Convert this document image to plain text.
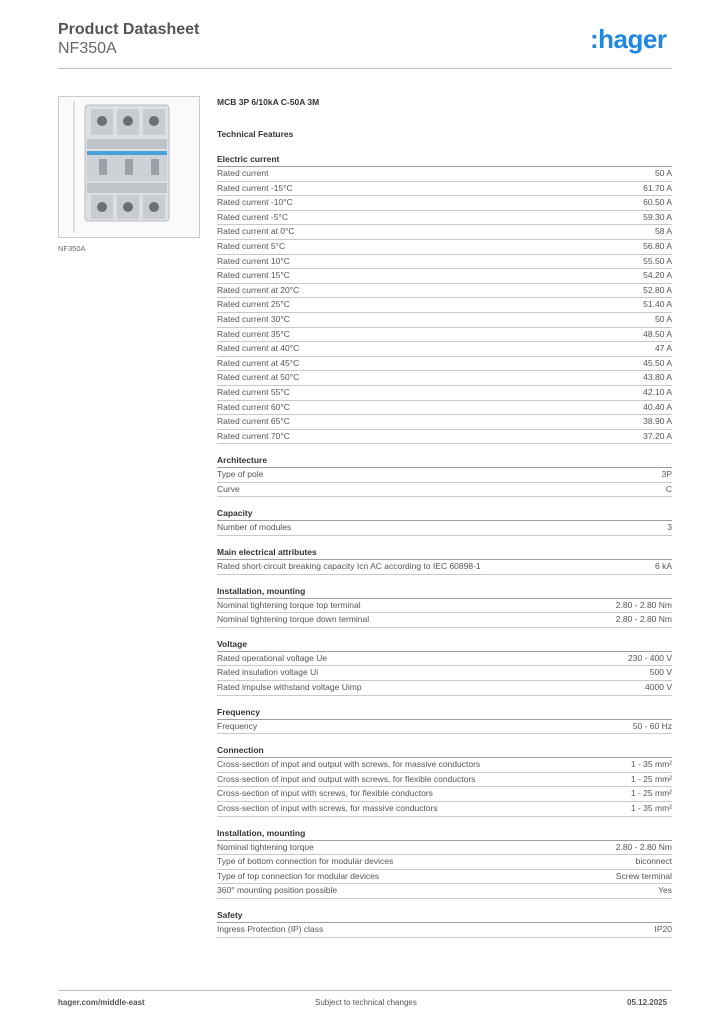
Product Datasheet
NF350A	:hager
NF350A
MCB 3P 6/10kA C-50A 3M
Technical Features
Electric current
Rated current	50 A
Rated current -15°C	61.70 A
Rated current -10°C	60.50 A
Rated current -5°C	59.30 A
Rated current at 0°C	58 A
Rated current 5°C	56.80 A
Rated current 10°C	55.50 A
Rated current 15°C	54.20 A
Rated current at 20°C	52.80 A
Rated current 25°C	51.40 A
Rated current 30°C	50 A
Rated current 35°C	48.50 A
Rated current at 40°C	47 A
Rated current at 45°C	45.50 A
Rated current at 50°C	43.80 A
Rated current 55°C	42.10 A
Rated current 60°C	40.40 A
Rated current 65°C	38.90 A
Rated current 70°C	37.20 A
Architecture
Type of pole	3P
Curve	C
Capacity
Number of modules	3
Main electrical attributes
Rated short-circuit breaking capacity Icn AC according to IEC 60898-1	6 kA
Installation, mounting
Nominal tightening torque top terminal	2.80 - 2.80 Nm
Nominal tightening torque down terminal	2.80 - 2.80 Nm
Voltage
Rated operational voltage Ue	230 - 400 V
Rated insulation voltage Ui	500 V
Rated impulse withstand voltage Uimp	4000 V
Frequency
Frequency	50 - 60 Hz
Connection
Cross-section of input and output with screws, for massive conductors	1 - 35 mm²
Cross-section of input and output with screws, for flexible conductors	1 - 25 mm²
Cross-section of input with screws, for flexible conductors	1 - 25 mm²
Cross-section of input with screws, for massive conductors	1 - 35 mm²
Installation, mounting
Nominal tightening torque	2.80 - 2.80 Nm
Type of bottom connection for modular devices	biconnect
Type of top connection for modular devices	Screw terminal
360° mounting position possible	Yes
Safety
Ingress Protection (IP) class	IP20
hager.com/middle-east	Subject to technical changes	05.12.2025
